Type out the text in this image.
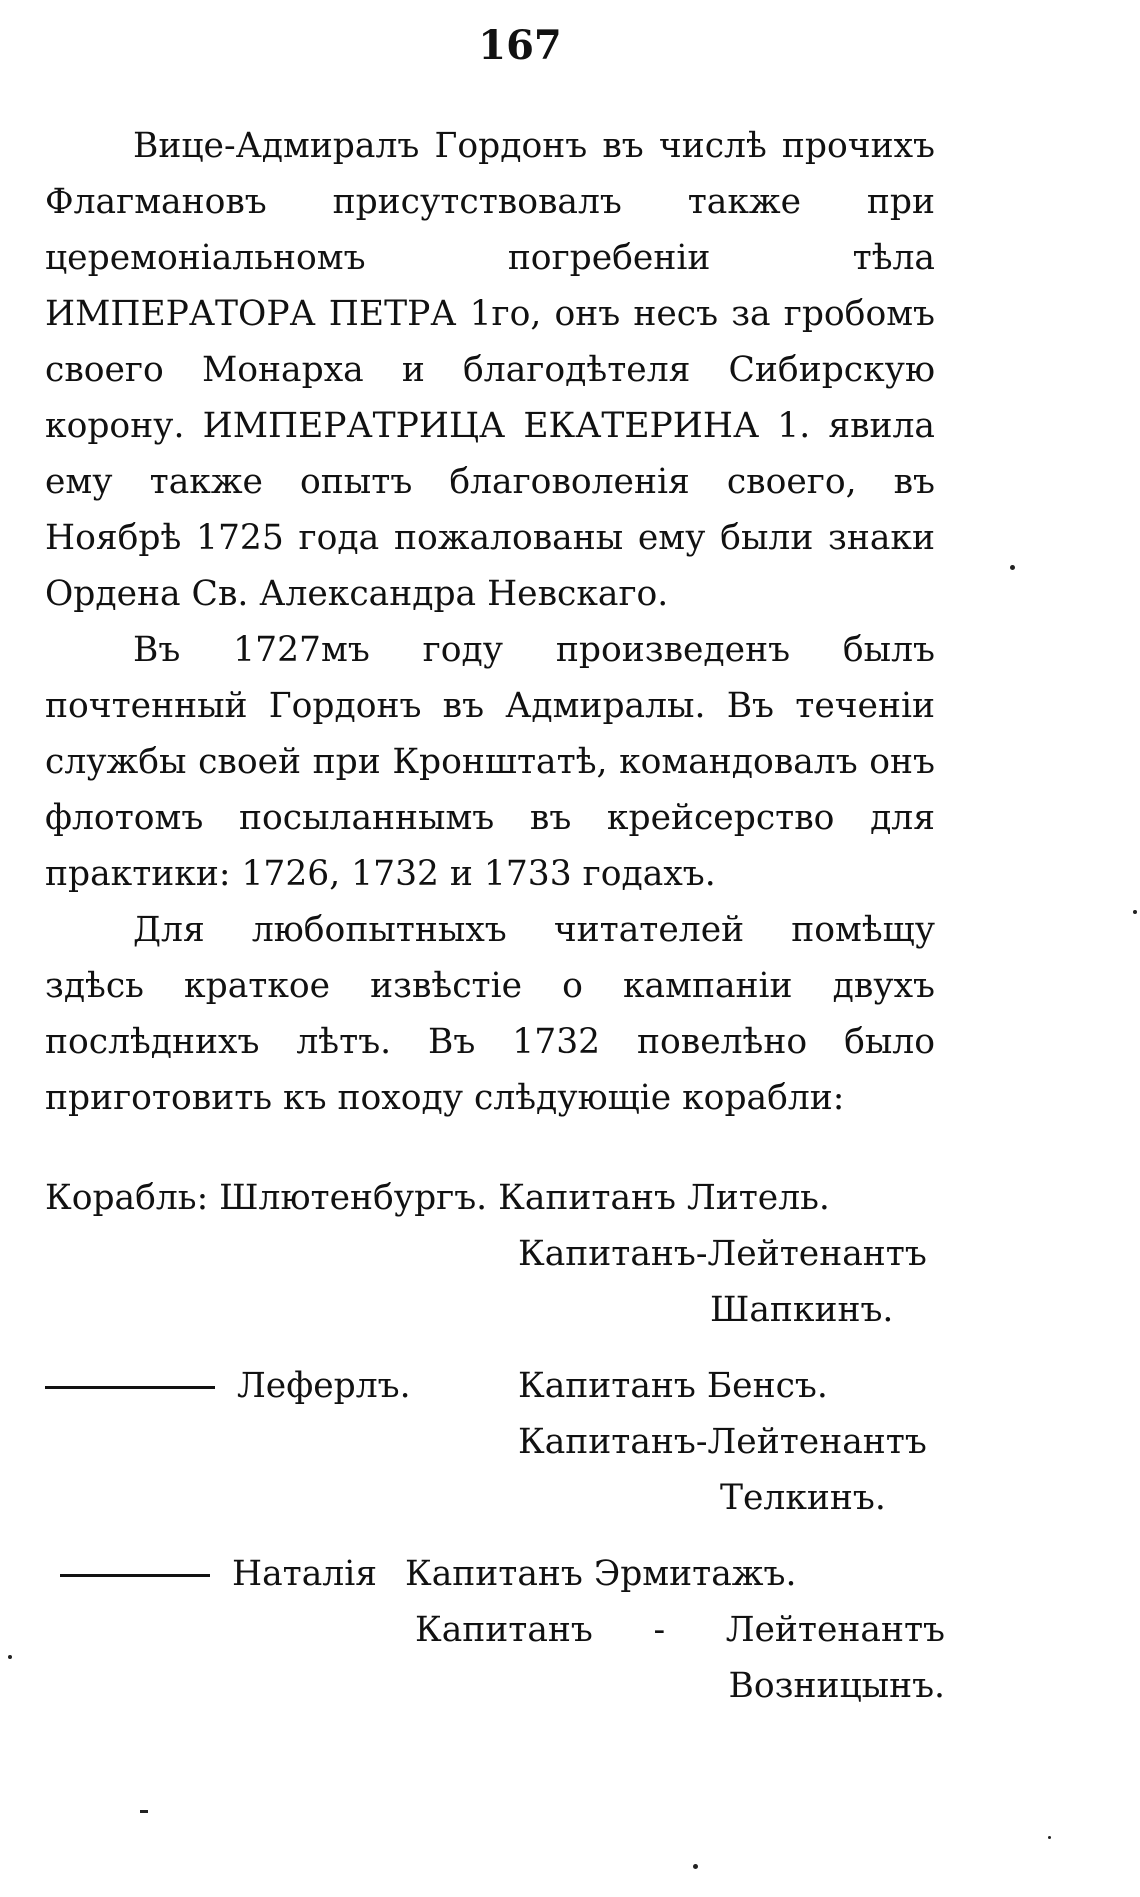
167

Вице-Адмиралъ Гордонъ въ числѣ прочихъ Флагмановъ присутствовалъ также при церемоніальномъ погребеніи тѣла ИМПЕРАТОРА ПЕТРА 1го, онъ несъ за гробомъ своего Монарха и благодѣтеля Сибирскую корону. ИМПЕРАТРИЦА ЕКАТЕРИНА 1. явила ему также опытъ благоволенія своего, въ Ноябрѣ 1725 года пожалованы ему были знаки Ордена Св. Александра Невскаго.

Въ 1727мъ году произведенъ былъ почтенный Гордонъ въ Адмиралы. Въ теченіи службы своей при Кронштатѣ, командовалъ онъ флотомъ посыланнымъ въ крейсерство для практики: 1726, 1732 и 1733 годахъ.

Для любопытныхъ читателей помѣщу здѣсь краткое извѣстіе о кампаніи двухъ послѣднихъ лѣтъ. Въ 1732 повелѣно было приготовить къ походу слѣдующіе корабли:

Корабль: Шлютенбургъ. Капитанъ Литель.
Капитанъ-Лейтенантъ
Шапкинъ.
Леферлъ.	Капитанъ Бенсъ.
Капитанъ-Лейтенантъ
Телкинъ.
Наталія Капитанъ Эрмитажъ.
Капитанъ - Лейтенантъ Возницынъ.
